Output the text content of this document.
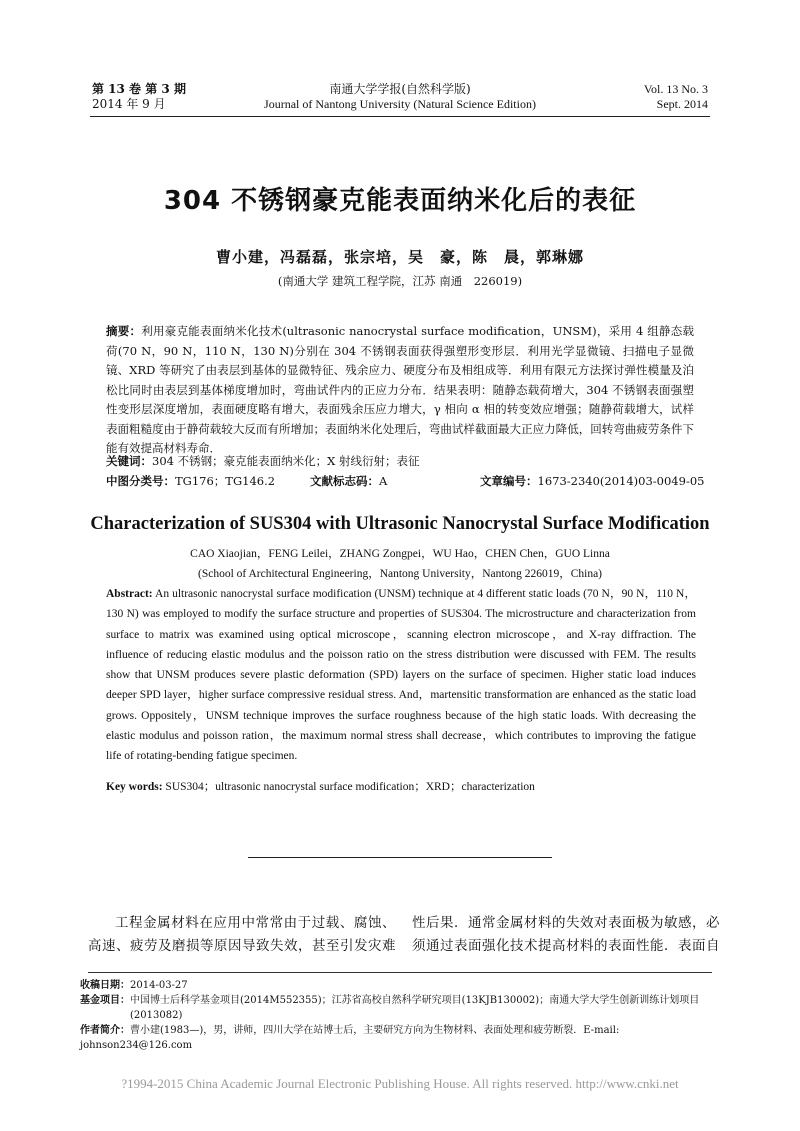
第 13 卷 第 3 期
2014 年 9 月
南通大学学报(自然科学版)
Journal of Nantong University (Natural Science Edition)
Vol. 13 No. 3
Sept. 2014
304 不锈钢豪克能表面纳米化后的表征
曹小建，冯磊磊，张宗培，吴　豪，陈　晨，郭琳娜
(南通大学 建筑工程学院，江苏 南通　226019)
摘要：利用豪克能表面纳米化技术(ultrasonic nanocrystal surface modification，UNSM)，采用 4 组静态载荷(70 N，90 N，110 N，130 N)分别在 304 不锈钢表面获得强塑形变形层．利用光学显微镜、扫描电子显微镜、XRD 等研究了由表层到基体的显微特征、残余应力、硬度分布及相组成等．利用有限元方法探讨弹性模量及泊松比同时由表层到基体梯度增加时，弯曲试件内的正应力分布．结果表明：随静态载荷增大，304 不锈钢表面强塑性变形层深度增加，表面硬度略有增大，表面残余压应力增大，γ 相向 α 相的转变效应增强；随静荷载增大，试样表面粗糙度由于静荷载较大反而有所增加；表面纳米化处理后，弯曲试样截面最大正应力降低，回转弯曲疲劳条件下能有效提高材料寿命．
关键词：304 不锈钢；豪克能表面纳米化；X 射线衍射；表征
中图分类号：TG176；TG146.2	文献标志码：A	文章编号：1673-2340(2014)03-0049-05
Characterization of SUS304 with Ultrasonic Nanocrystal Surface Modification
CAO Xiaojian，FENG Leilei，ZHANG Zongpei，WU Hao，CHEN Chen，GUO Linna
(School of Architectural Engineering，Nantong University，Nantong 226019，China)
Abstract: An ultrasonic nanocrystal surface modification (UNSM) technique at 4 different static loads (70 N，90 N，110 N，130 N) was employed to modify the surface structure and properties of SUS304. The microstructure and characterization from surface to matrix was examined using optical microscope，scanning electron microscope，and X-ray diffraction. The influence of reducing elastic modulus and the poisson ratio on the stress distribution were discussed with FEM. The results show that UNSM produces severe plastic deformation (SPD) layers on the surface of specimen. Higher static load induces deeper SPD layer，higher surface compressive residual stress. And，martensitic transformation are enhanced as the static load grows. Oppositely，UNSM technique improves the surface roughness because of the high static loads. With decreasing the elastic modulus and poisson ration，the maximum normal stress shall decrease，which contributes to improving the fatigue life of rotating-bending fatigue specimen.
Key words: SUS304；ultrasonic nanocrystal surface modification；XRD；characterization
工程金属材料在应用中常常由于过载、腐蚀、高速、疲劳及磨损等原因导致失效，甚至引发灾难
性后果．通常金属材料的失效对表面极为敏感，必须通过表面强化技术提高材料的表面性能．表面自

收稿日期：2014-03-27

基金项目：中国博士后科学基金项目(2014M552355)；江苏省高校自然科学研究项目(13KJB130002)；南通大学大学生创新训练计划项目(2013082)

作者简介：曹小建(1983—)，男，讲师，四川大学在站博士后，主要研究方向为生物材料、表面处理和疲劳断裂．E-mail: johnson234@126.com

?1994-2015 China Academic Journal Electronic Publishing House. All rights reserved. http://www.cnki.net
